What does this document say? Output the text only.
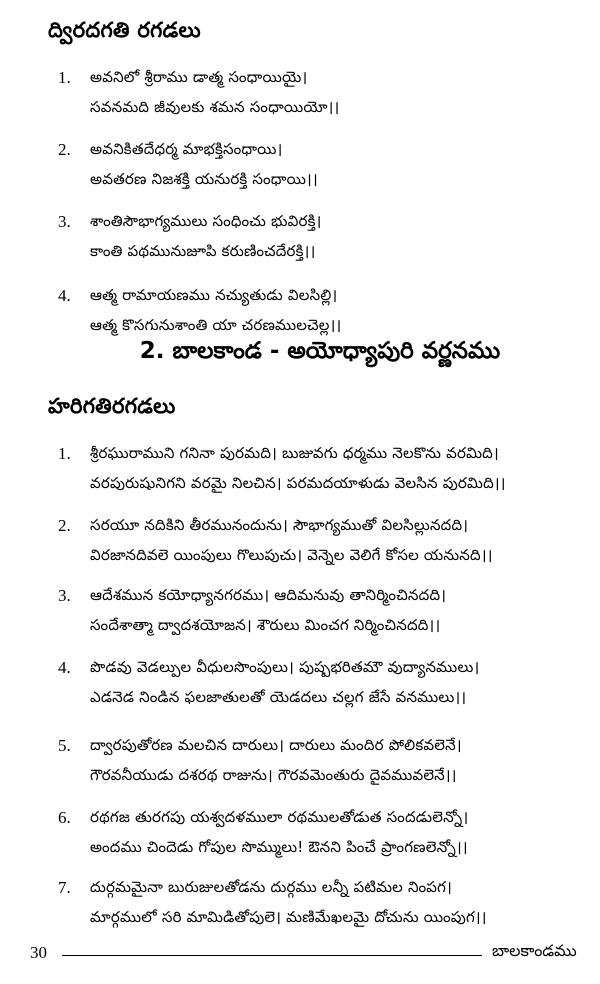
ద్విరదగతి రగడలు
1. అవనిలో శ్రీరాము డాత్మ సంధాయియై।
సవనమది జీవులకు శమన సంధాయియో।।
2. అవనికితదేధర్మ మాభక్తిసంధాయి।
అవతరణ నిజశక్తి యనురక్తి సంధాయి।।
3. శాంతిసౌభాగ్యములు సంధించు భువిరక్తి।
కాంతి పథమునుజూపి కరుణించదేరక్తి।।
4. ఆత్మ రామాయణము నచ్యుతుడు విలసిల్లి।
ఆత్మ కొసగునుశాంతి యా చరణములచెల్ల।।
2. బాలకాండ - అయోధ్యాపురి వర్ణనము
హరిగతిరగడలు
1. శ్రీరఘురాముని గనినా పురమది। బుజువగు ధర్మము నెలకొను వరమిది।
వరపురుషునిగని వరమై నిలచిన। పరమదయాళుడు వెలసిన పురమిది।।
2. సరయూ నదికిని తీరమునందును। సౌభాగ్యముతో విలసిల్లునదది।
విరజానదివలె యింపులు గొలుపుచు। వెన్నెల వెలిగే కోసల యనునది।।
3. ఆదేశమున కయోధ్యానగరము। ఆదిమనువు తానిర్మించినదది।
సందేశాత్మా ద్వాదశయోజన। శౌరులు మించగ నిర్మించినదది।।
4. పొడవు వెడల్పుల వీధులసొంపులు। పుష్పభరితమౌ వుద్యానములు।
ఎడనెడ నిండిన ఫలజాతులతో యెడదలు చల్లగ జేసే వనములు।।
5. ద్వారపుతోరణ మలచిన దారులు। దారులు మందిర పోలికవలెనే।
గౌరవనీయుడు దశరథ రాజును। గౌరవమెంతురు దైవమువలెనే।।
6. రథగజ తురగపు యశ్వదళములా రథములతోడుత సందడులెన్నో।
అందము చిందెడు గోపుల సొమ్ములు! ఔనని పించే ప్రాంగణలెన్నో।।
7. దుర్గమమైనా బురుజులతోడను దుర్గము లన్నీ పటిమల నింపగ।
మార్గములో సరి మామిడితోపులె। మణిమేఖలమై దోచును యింపుగ।।
30	బాలకాండము
